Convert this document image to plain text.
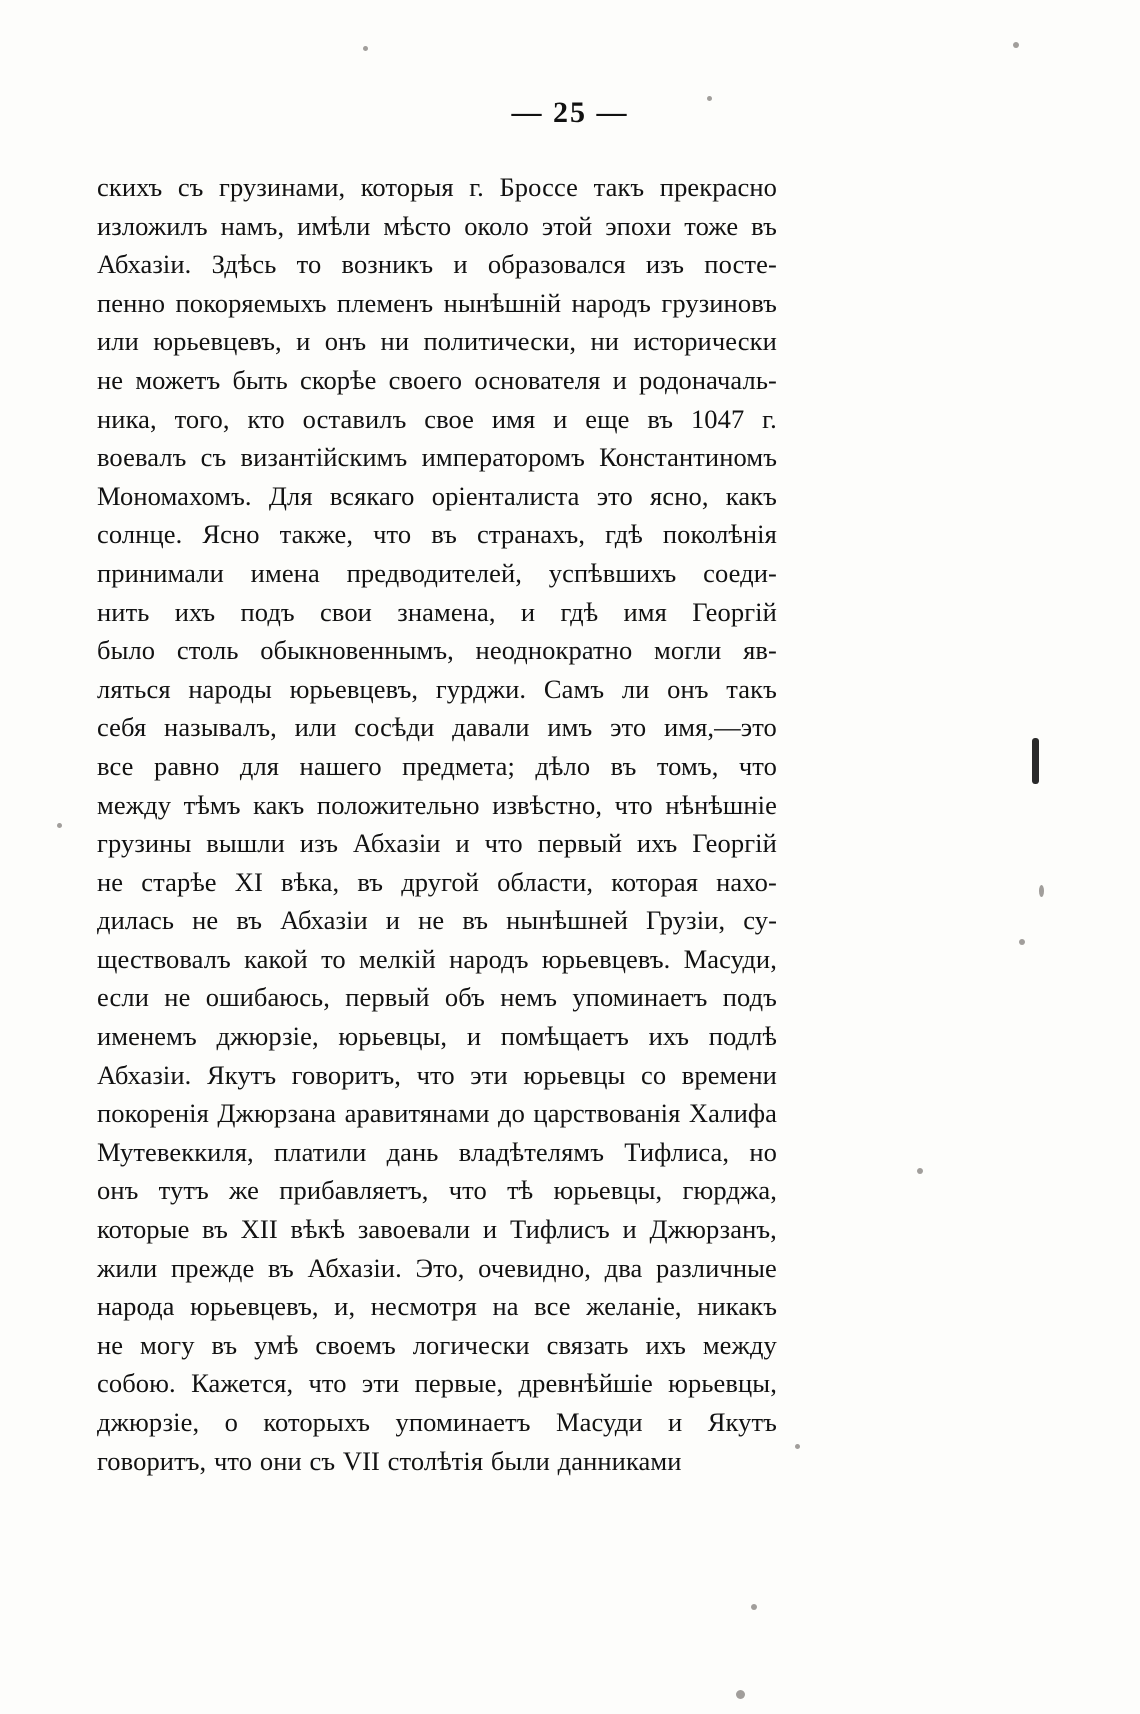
— 25 —

скихъ съ грузинами, которыя г. Броссе такъ прекрасно
изложилъ намъ, имѣли мѣсто около этой эпохи тоже въ
Абхазіи. Здѣсь то возникъ и образовался изъ посте-
пенно покоряемыхъ племенъ нынѣшній народъ грузиновъ
или юрьевцевъ, и онъ ни политически, ни исторически
не можетъ быть скорѣе своего основателя и родоначаль-
ника, того, кто оставилъ свое имя и еще въ 1047 г.
воевалъ съ византійскимъ императоромъ Константиномъ
Мономахомъ. Для всякаго оріенталиста это ясно, какъ
солнце. Ясно также, что въ странахъ, гдѣ поколѣнія
принимали имена предводителей, успѣвшихъ соеди-
нить ихъ подъ свои знамена, и гдѣ имя Георгій
было столь обыкновеннымъ, неоднократно могли яв-
ляться народы юрьевцевъ, гурджи. Самъ ли онъ такъ
себя называлъ, или сосѣди давали имъ это имя,—это
все равно для нашего предмета; дѣло въ томъ, что
между тѣмъ какъ положительно извѣстно, что нѣнѣшніе
грузины вышли изъ Абхазіи и что первый ихъ Георгій
не старѣе XI вѣка, въ другой области, которая нахо-
дилась не въ Абхазіи и не въ нынѣшней Грузіи, су-
ществовалъ какой то мелкій народъ юрьевцевъ. Масуди,
если не ошибаюсь, первый объ немъ упоминаетъ подъ
именемъ джюрзіе, юрьевцы, и помѣщаетъ ихъ подлѣ
Абхазіи. Якутъ говоритъ, что эти юрьевцы со времени
покоренія Джюрзана аравитянами до царствованія Халифа
Мутевеккиля, платили дань владѣтелямъ Тифлиса, но
онъ тутъ же прибавляетъ, что тѣ юрьевцы, гюрджа,
которые въ XII вѣкѣ завоевали и Тифлисъ и Джюрзанъ,
жили прежде въ Абхазіи. Это, очевидно, два различные
народа юрьевцевъ, и, несмотря на все желаніе, никакъ
не могу въ умѣ своемъ логически связать ихъ между
собою. Кажется, что эти первые, древнѣйшіе юрьевцы,
джюрзіе, о которыхъ упоминаетъ Масуди и Якутъ
говоритъ, что они съ VII столѣтія были данниками
